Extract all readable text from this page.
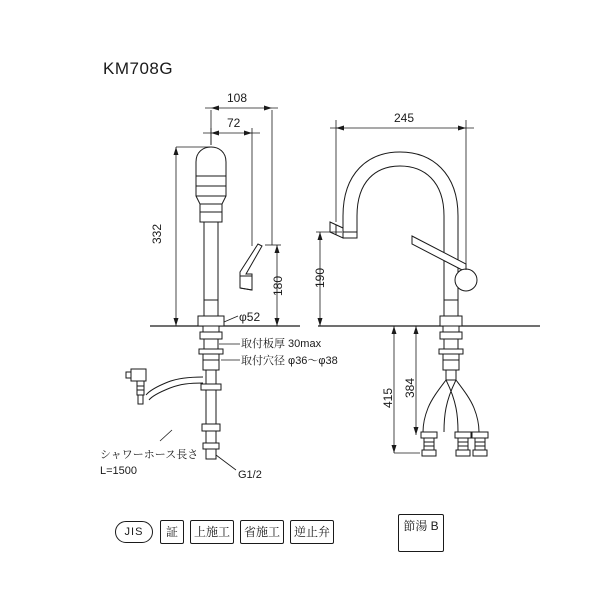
KM708G
108
72
332
180 190
φ52
245
415 384
取付板厚 30max
取付穴径 φ36～φ38
シャワーホース長さ
L=1500	G1/2
JIS	証	上施工	省施工	逆止弁	節湯 B
